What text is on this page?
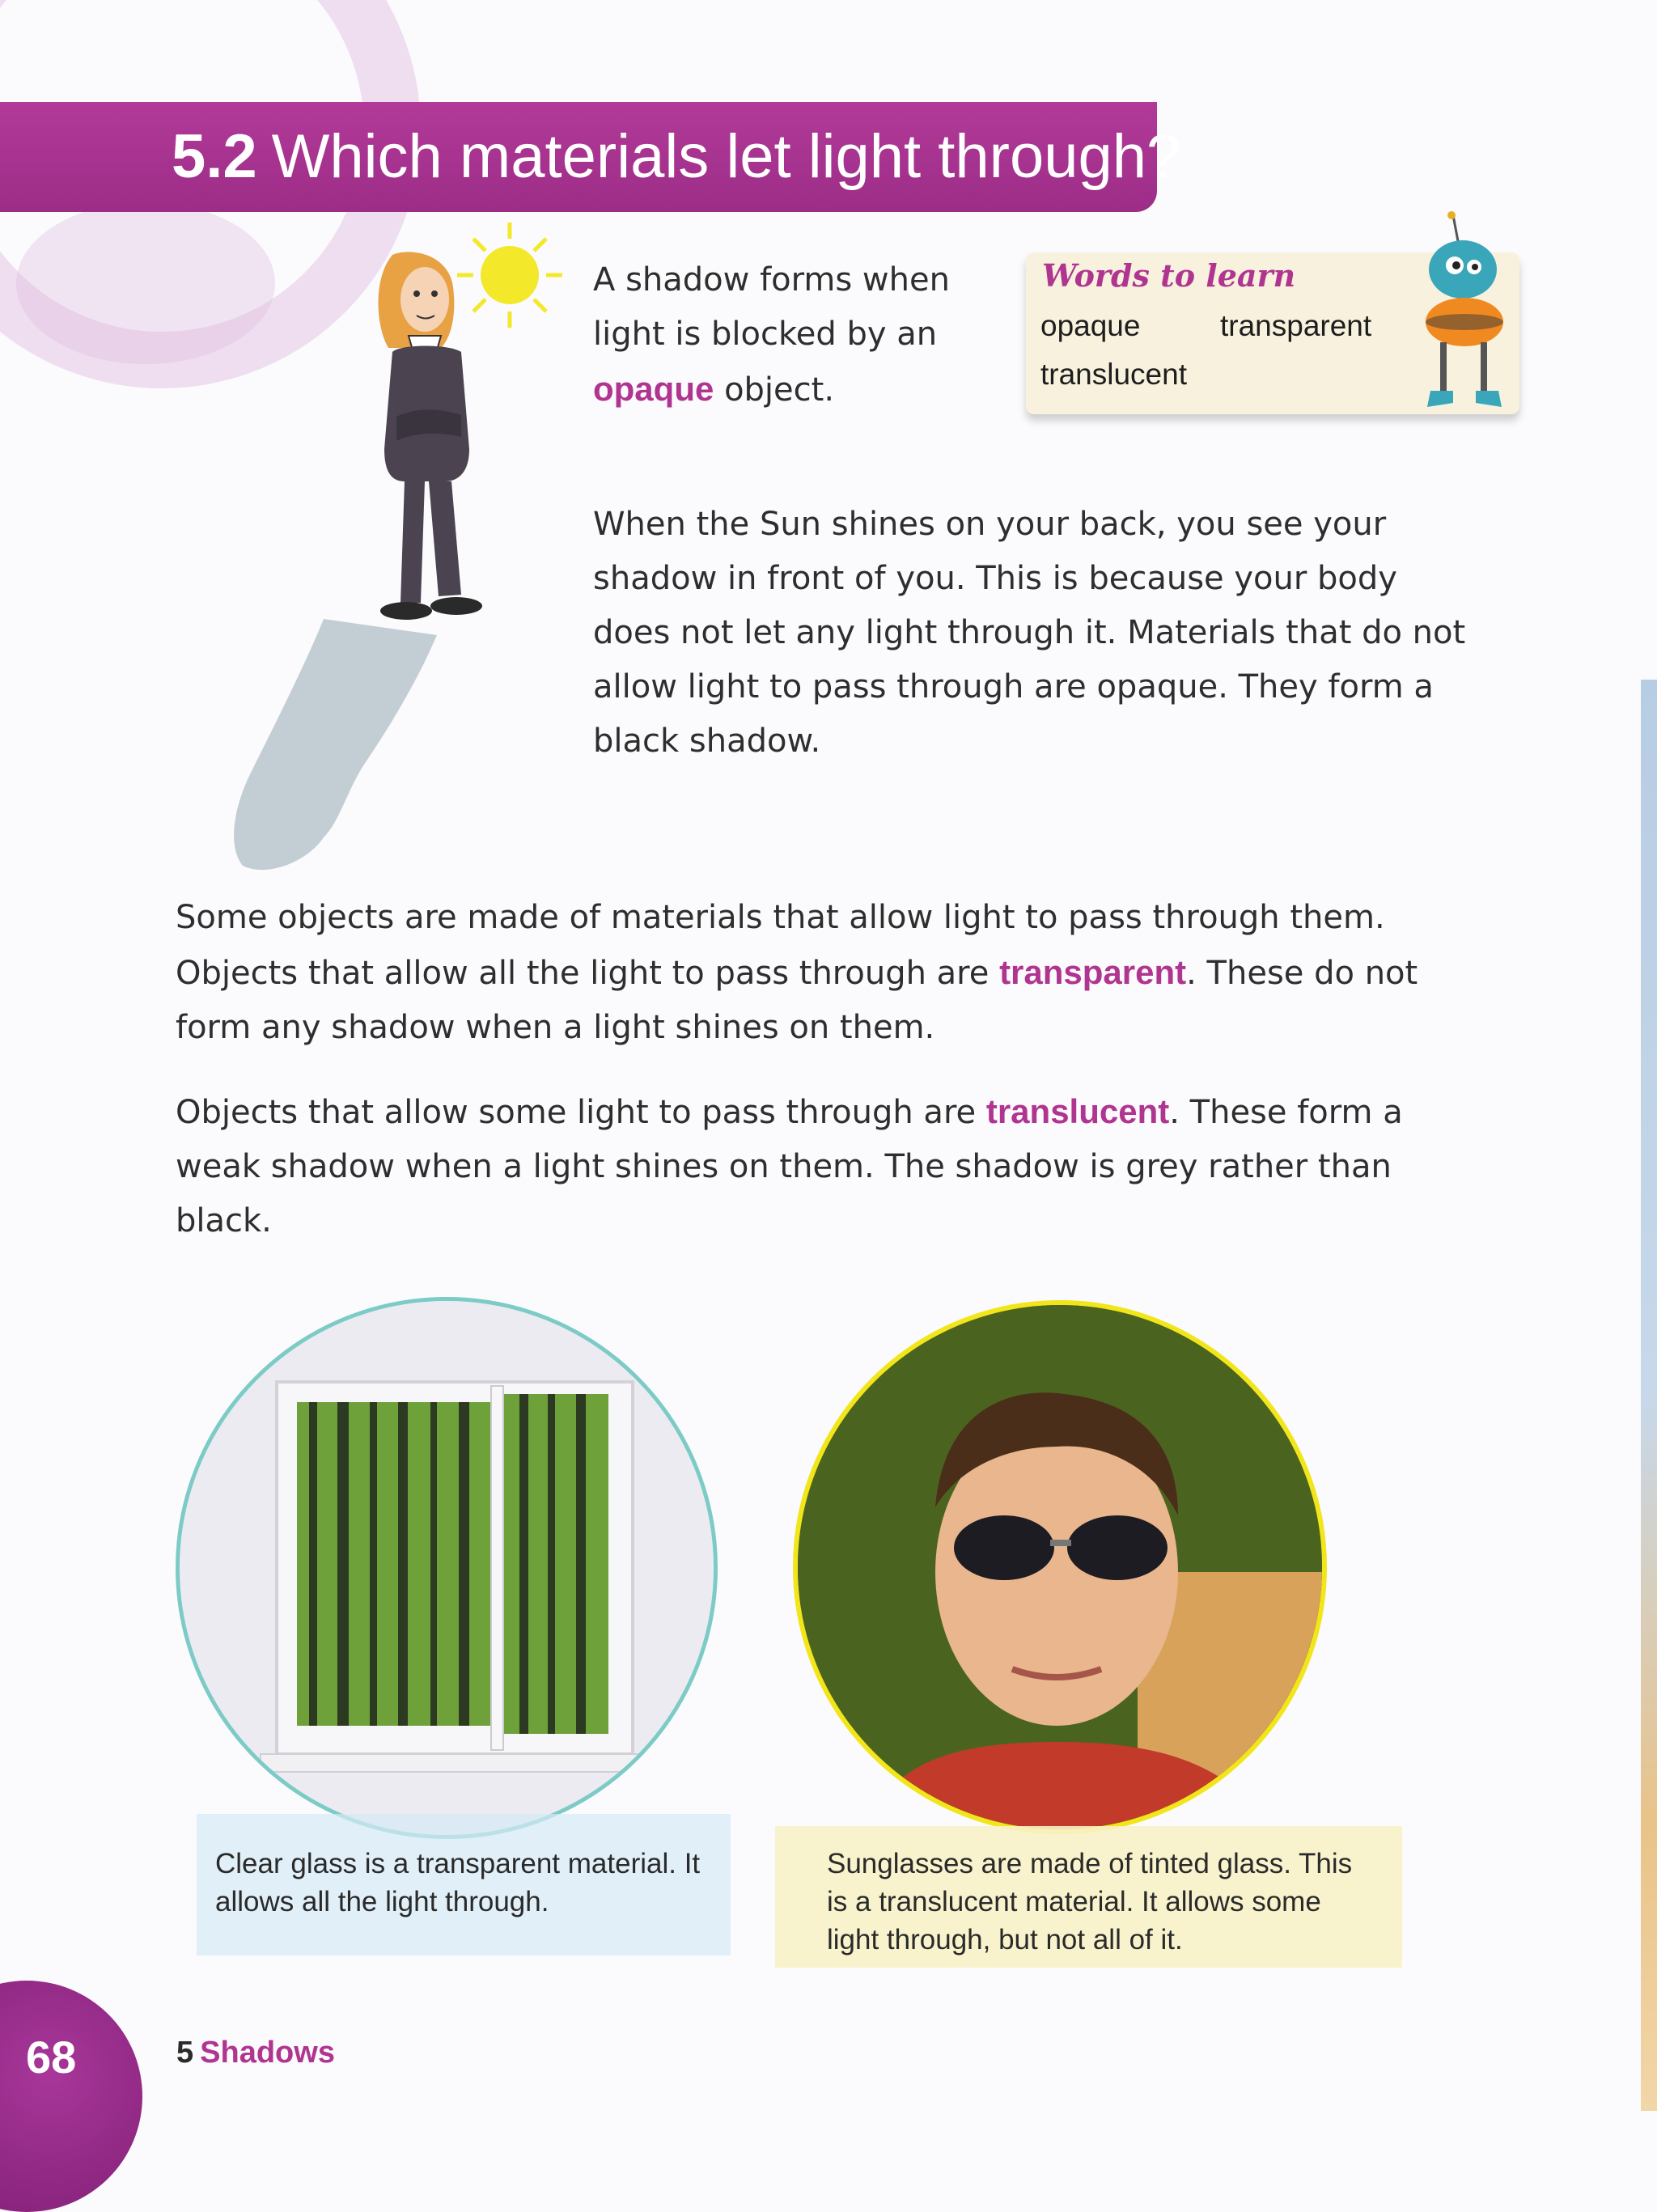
5.2 Which materials let light through?

A shadow forms when light is blocked by an opaque object.

Words to learn
opaque	transparent
translucent

When the Sun shines on your back, you see your shadow in front of you. This is because your body does not let any light through it. Materials that do not allow light to pass through are opaque. They form a black shadow.

Some objects are made of materials that allow light to pass through them. Objects that allow all the light to pass through are transparent. These do not form any shadow when a light shines on them.

Objects that allow some light to pass through are translucent. These form a weak shadow when a light shines on them. The shadow is grey rather than black.

Clear glass is a transparent material. It allows all the light through.

Sunglasses are made of tinted glass. This is a translucent material. It allows some light through, but not all of it.

68	5 Shadows
